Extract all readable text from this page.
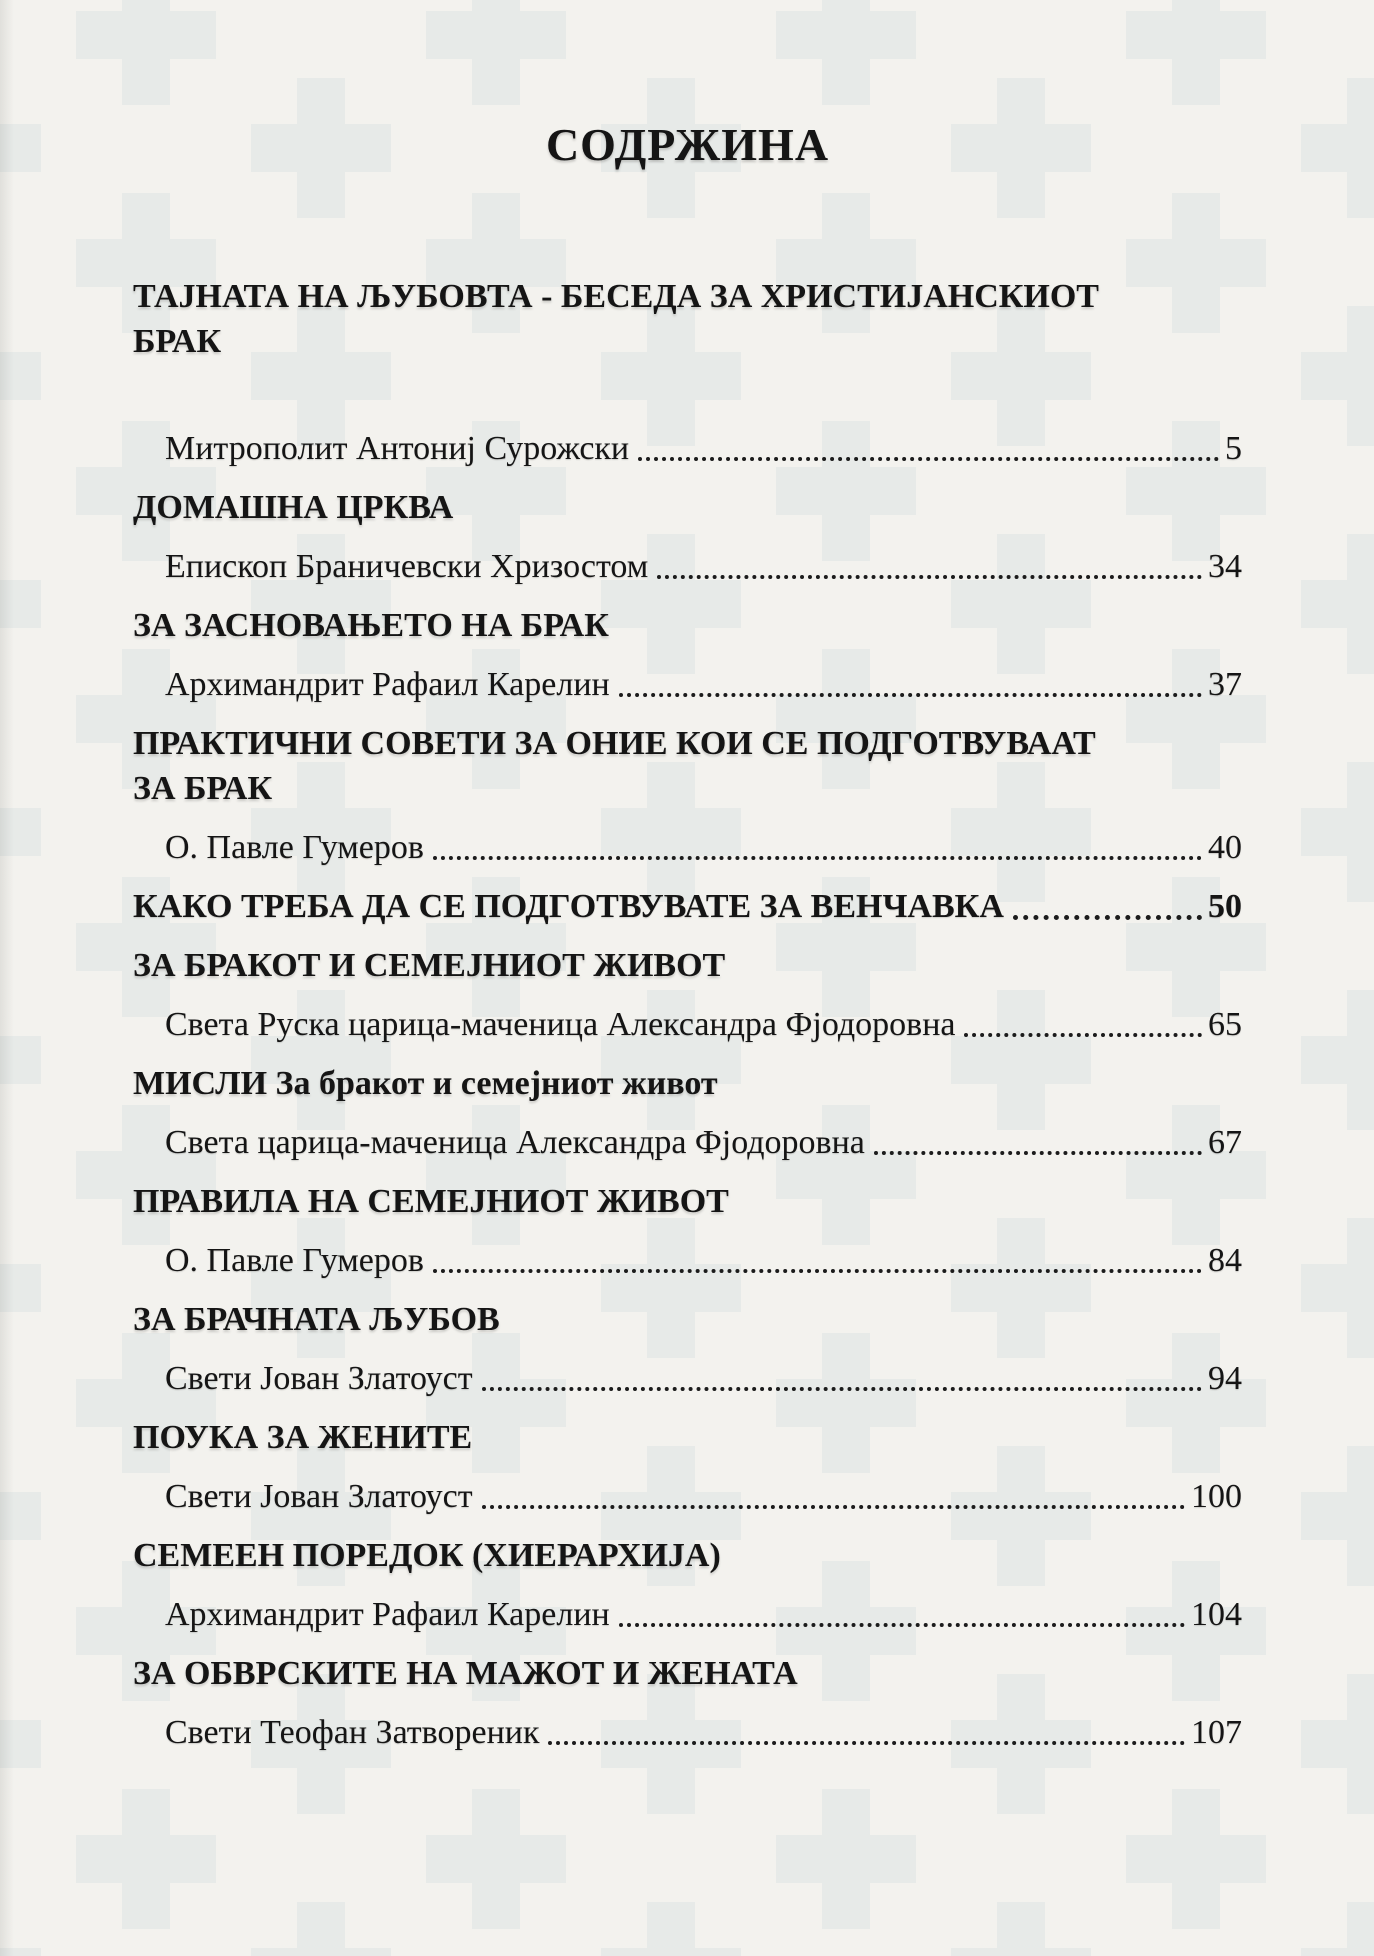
СОДРЖИНА
ТАЈНАТА НА ЉУБОВТА - БЕСЕДА ЗА ХРИСТИЈАНСКИОТ
БРАК
Митрополит Антониј Сурожски	5
ДОМАШНА ЦРКВА
Епископ Браничевски Хризостом	34
ЗА ЗАСНОВАЊЕТО НА БРАК
Архимандрит Рафаил Карелин	37
ПРАКТИЧНИ СОВЕТИ ЗА ОНИЕ КОИ СЕ ПОДГОТВУВААТ
ЗА БРАК
О. Павле Гумеров	40
КАКО ТРЕБА ДА СЕ ПОДГОТВУВАТЕ ЗА ВЕНЧАВКА	50
ЗА БРАКОТ И СЕМЕЈНИОТ ЖИВОТ
Света Руска царица-маченица Александра Фјодоровна	65
МИСЛИ За бракот и семејниот живот
Света царица-маченица Александра Фјодоровна	67
ПРАВИЛА НА СЕМЕЈНИОТ ЖИВОТ
О. Павле Гумеров	84
ЗА БРАЧНАТА ЉУБОВ
Свети Јован Златоуст	94
ПОУКА ЗА ЖЕНИТЕ
Свети Јован Златоуст	100
СЕМЕЕН ПОРЕДОК (ХИЕРАРХИЈА)
Архимандрит Рафаил Карелин	104
ЗА ОБВРСКИТЕ НА МАЖОТ И ЖЕНАТА
Свети Теофан Затвореник	107
